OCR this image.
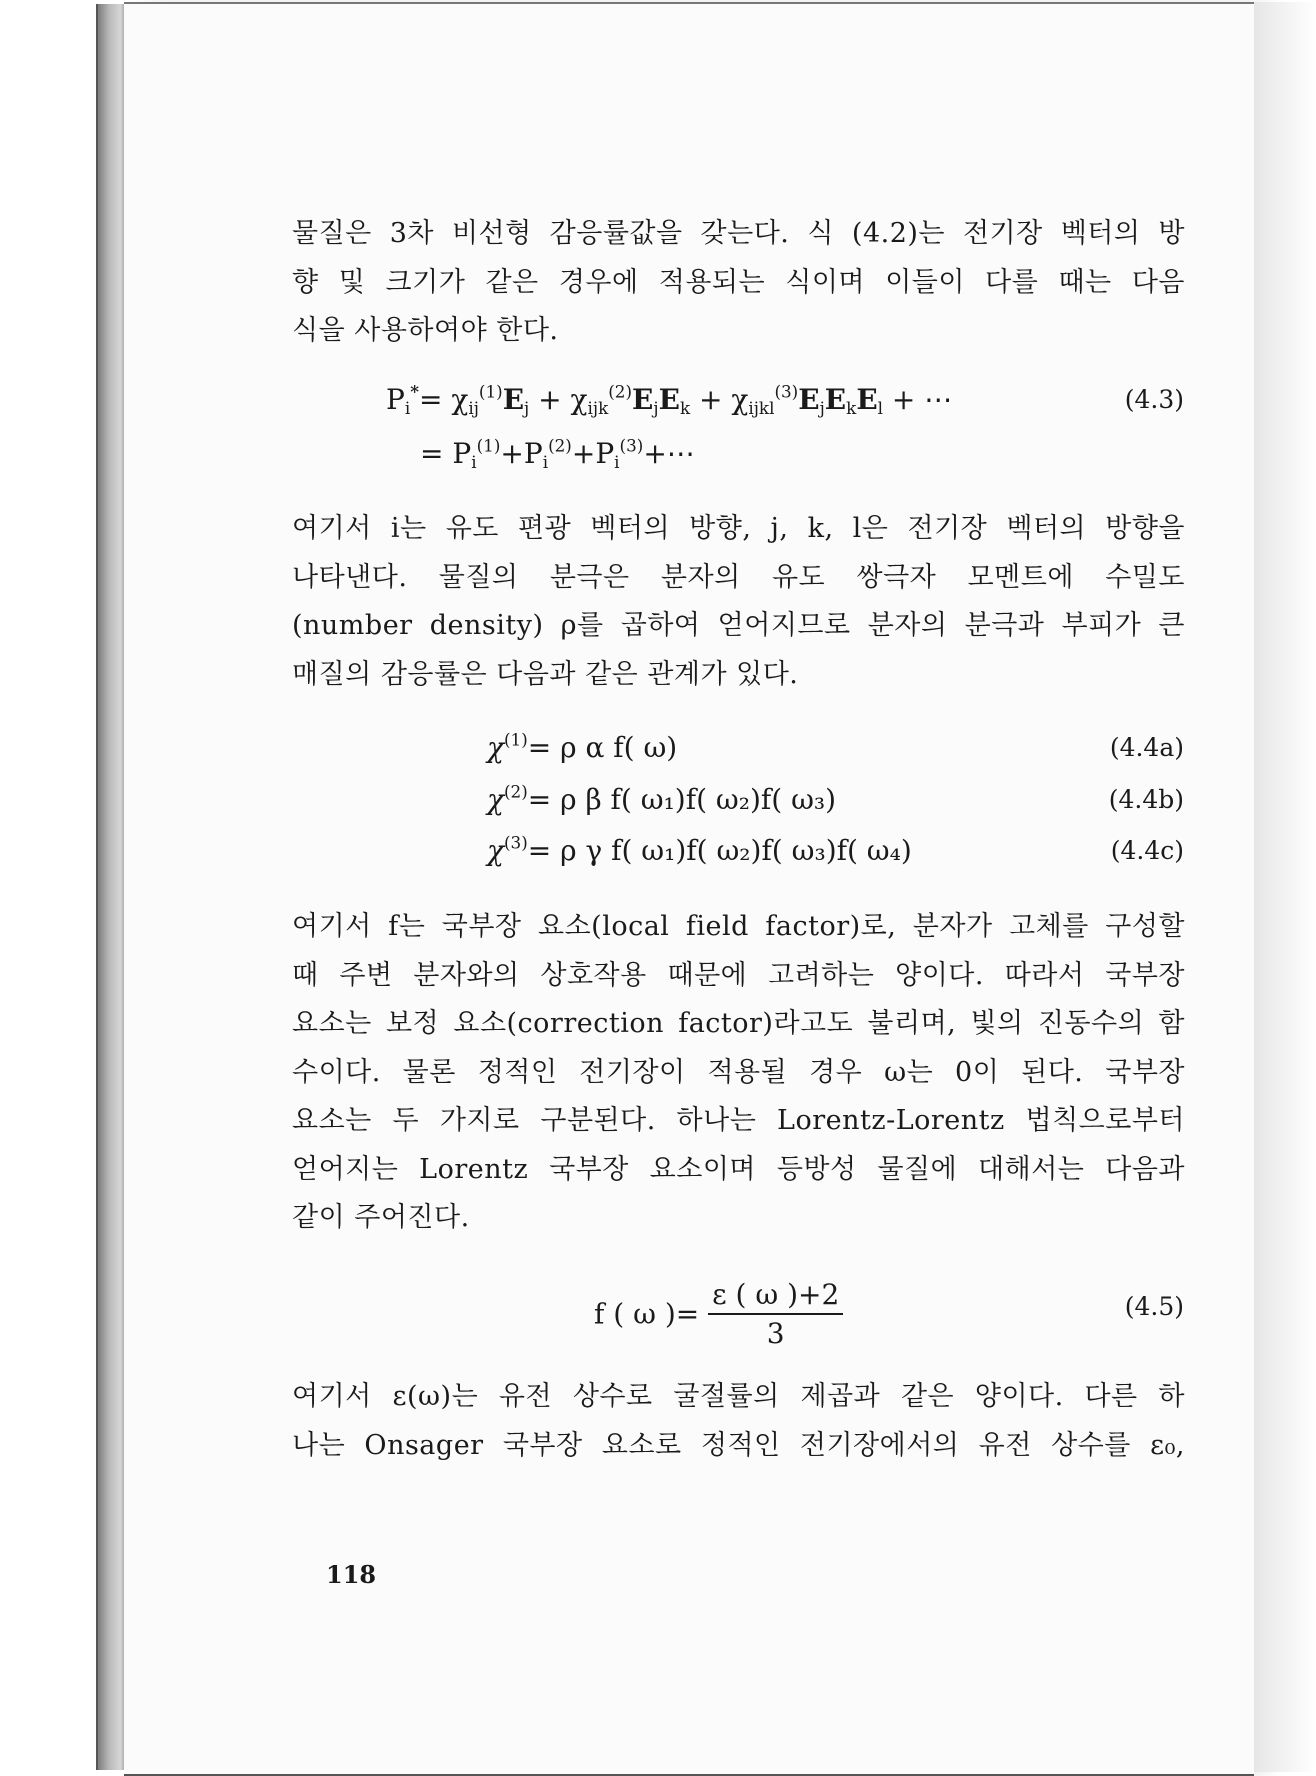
물질은 3차 비선형 감응률값을 갖는다. 식 (4.2)는 전기장 벡터의 방
향 및 크기가 같은 경우에 적용되는 식이며 이들이 다를 때는 다음
식을 사용하여야 한다.
$P_i^*= \chi_{ij}^{(1)}E_j + \chi_{ijk}^{(2)}E_jE_k + \chi_{ijkl}^{(3)}E_jE_kE_l$ + ⋯
= $P_i^{(1)}+P_i^{(2)}+P_i^{(3)}+\cdots$
(4.3)
여기서 i는 유도 편광 벡터의 방향, j, k, l은 전기장 벡터의 방향을
나타낸다. 물질의 분극은 분자의 유도 쌍극자 모멘트에 수밀도
(number density) ρ를 곱하여 얻어지므로 분자의 분극과 부피가 큰
매질의 감응률은 다음과 같은 관계가 있다.
$\chi^{(1)}= \rho$ α f( ω)	(4.4a)
$\chi^{(2)}= \rho$ β f( ω₁)f( ω₂)f( ω₃)	(4.4b)
$\chi^{(3)}= \rho$ γ f( ω₁)f( ω₂)f( ω₃)f( ω₄)	(4.4c)
여기서 f는 국부장 요소(local field factor)로, 분자가 고체를 구성할
때 주변 분자와의 상호작용 때문에 고려하는 양이다. 따라서 국부장
요소는 보정 요소(correction factor)라고도 불리며, 빛의 진동수의 함
수이다. 물론 정적인 전기장이 적용될 경우 ω는 0이 된다. 국부장
요소는 두 가지로 구분된다. 하나는 Lorentz-Lorentz 법칙으로부터
얻어지는 Lorentz 국부장 요소이며 등방성 물질에 대해서는 다음과
같이 주어진다.
f ( ω )= $\frac{\varepsilon ( \omega )+2}{3}$	(4.5)
여기서 ε(ω)는 유전 상수로 굴절률의 제곱과 같은 양이다. 다른 하
나는 Onsager 국부장 요소로 정적인 전기장에서의 유전 상수를 ε₀,
118
